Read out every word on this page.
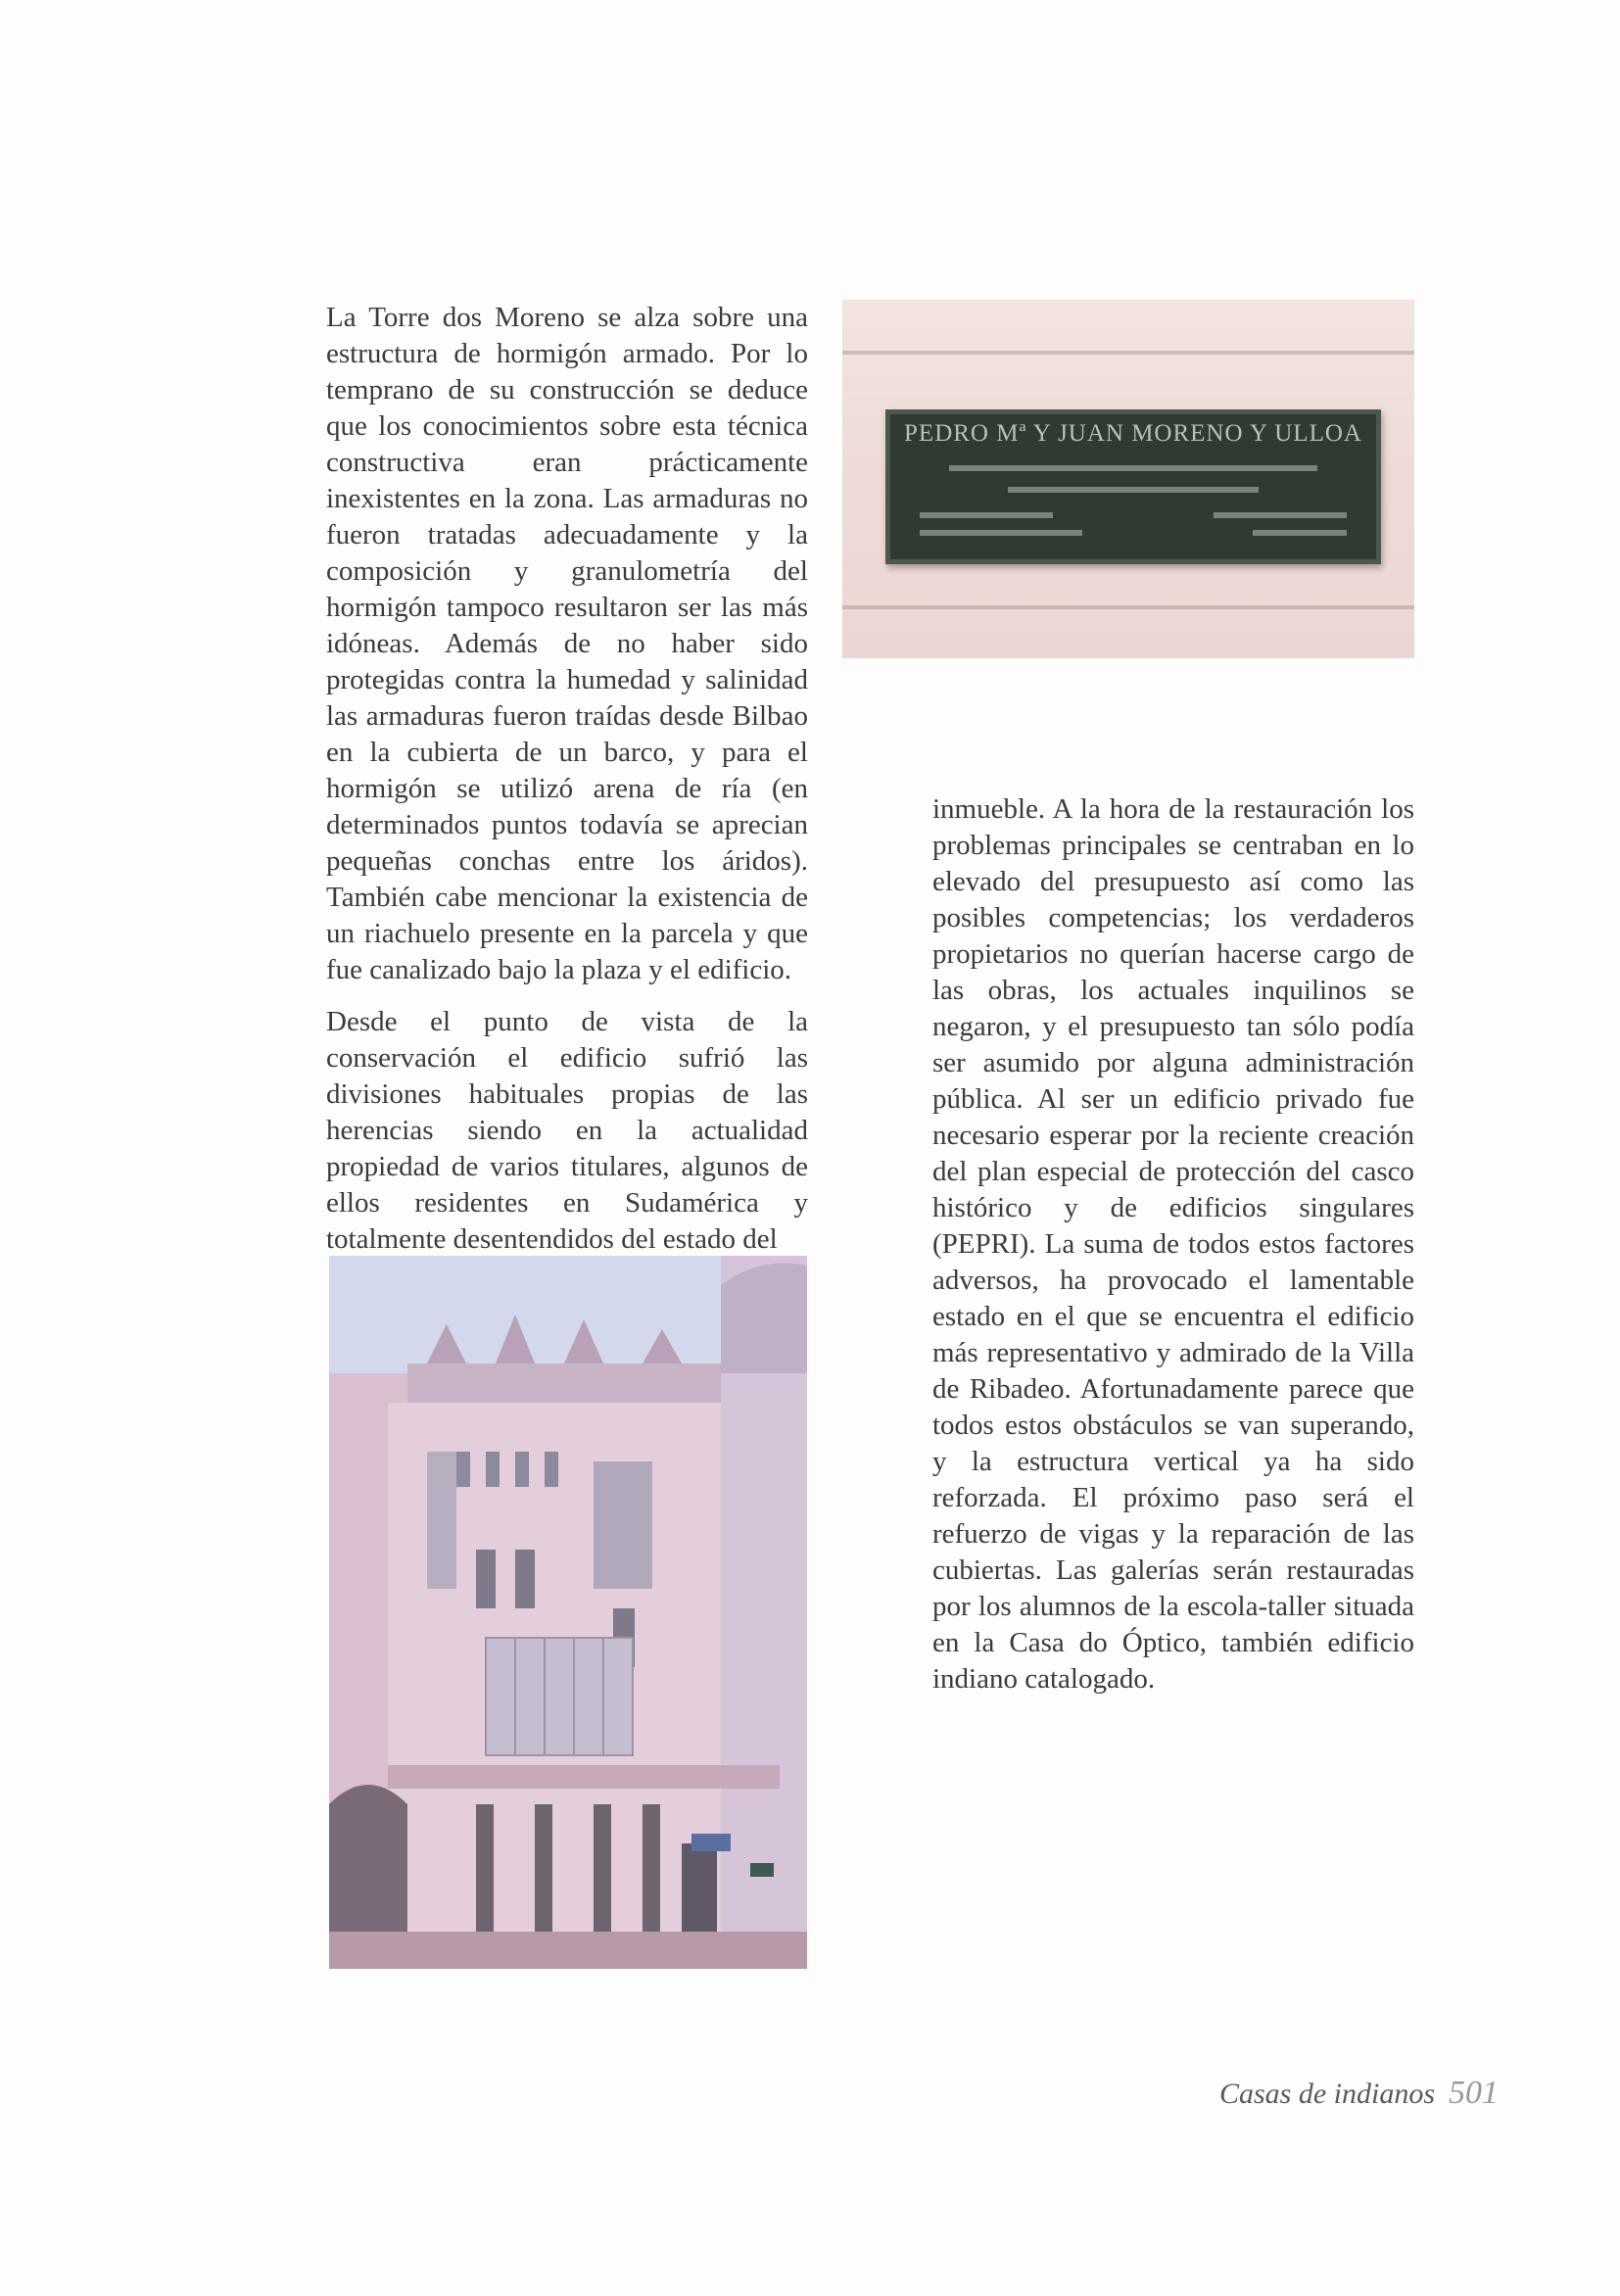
La Torre dos Moreno se alza sobre una estructura de hormigón armado. Por lo temprano de su construcción se deduce que los conocimientos sobre esta técnica constructiva eran prácticamente inexistentes en la zona. Las armaduras no fueron tratadas adecuadamente y la composición y granulometría del hormigón tampoco resultaron ser las más idóneas. Además de no haber sido protegidas contra la humedad y salinidad las armaduras fueron traídas desde Bilbao en la cubierta de un barco, y para el hormigón se utilizó arena de ría (en determinados puntos todavía se aprecian pequeñas conchas entre los áridos). También cabe mencionar la existencia de un riachuelo presente en la parcela y que fue canalizado bajo la plaza y el edificio.

Desde el punto de vista de la conservación el edificio sufrió las divisiones habituales propias de las herencias siendo en la actualidad propiedad de varios titulares, algunos de ellos residentes en Sudamérica y totalmente desentendidos del estado del

PEDRO Mª Y JUAN MORENO Y ULLOA

inmueble. A la hora de la restauración los problemas principales se centraban en lo elevado del presupuesto así como las posibles competencias; los verdaderos propietarios no querían hacerse cargo de las obras, los actuales inquilinos se negaron, y el presupuesto tan sólo podía ser asumido por alguna administración pública. Al ser un edificio privado fue necesario esperar por la reciente creación del plan especial de protección del casco histórico y de edificios singulares (PEPRI). La suma de todos estos factores adversos, ha provocado el lamentable estado en el que se encuentra el edificio más representativo y admirado de la Villa de Ribadeo. Afortunadamente parece que todos estos obstáculos se van superando, y la estructura vertical ya ha sido reforzada. El próximo paso será el refuerzo de vigas y la reparación de las cubiertas. Las galerías serán restauradas por los alumnos de la escola-taller situada en la Casa do Óptico, también edificio indiano catalogado.

Casas de indianos 501
